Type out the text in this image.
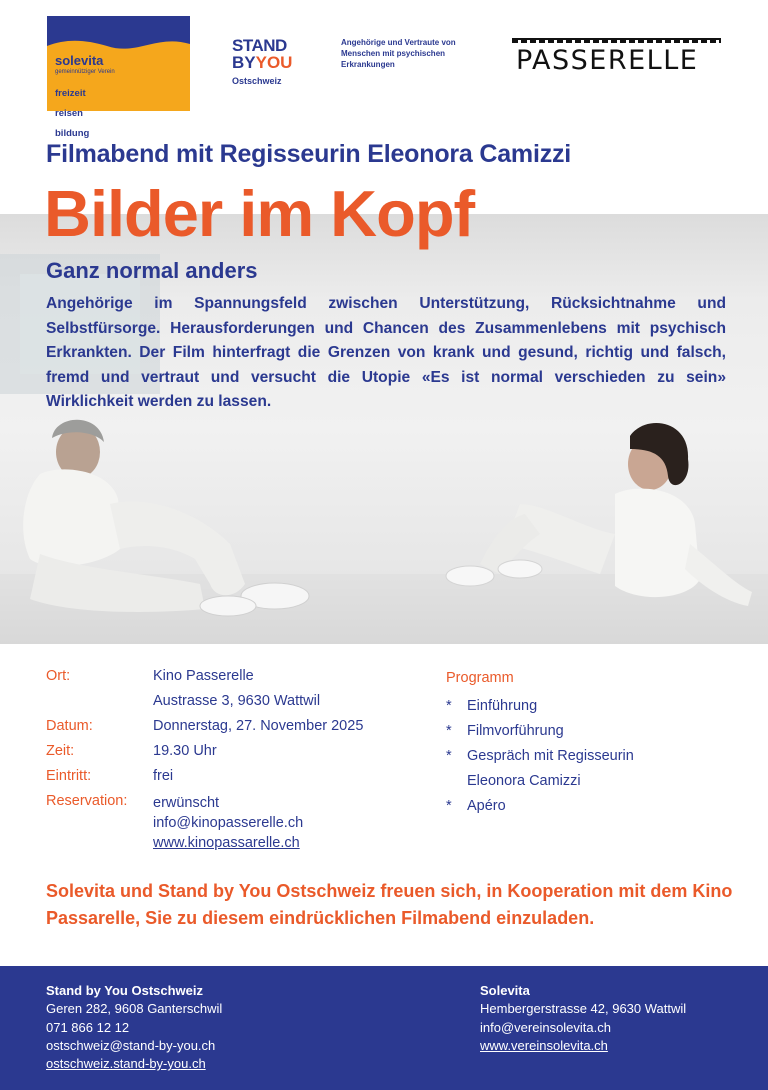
solevita
gemeinnütziger Verein

freizeit

reisen

bildung

STAND
BYYOU
Ostschweiz
Angehörige und Vertraute von Menschen mit psychischen Erkrankungen	PASSERELLE
Filmabend mit Regisseurin Eleonora Camizzi
Bilder im Kopf
Ganz normal anders
Angehörige im Spannungsfeld zwischen Unterstützung, Rücksichtnahme und Selbstfürsorge. Herausforderungen und Chancen des Zusammenlebens mit psychisch Erkrankten. Der Film hinterfragt die Grenzen von krank und gesund, richtig und falsch, fremd und vertraut und versucht die Utopie «Es ist normal verschieden zu sein» Wirklichkeit werden zu lassen.
Ort:	Kino Passerelle
Austrasse 3, 9630 Wattwil
Datum:	Donnerstag, 27. November 2025
Zeit:	19.30 Uhr
Eintritt:	frei
Reservation:	erwünscht
info@kinopasserelle.ch
www.kinopassarelle.ch
Programm
*	Einführung
*	Filmvorführung
*	Gespräch mit Regisseurin Eleonora Camizzi
*	Apéro
Solevita und Stand by You Ostschweiz freuen sich, in Kooperation mit dem Kino Passarelle, Sie zu diesem eindrücklichen Filmabend einzuladen.
Stand by You Ostschweiz
Geren 282, 9608 Ganterschwil
071 866 12 12
ostschweiz@stand-by-you.ch
ostschweiz.stand-by-you.ch
Solevita
Hembergerstrasse 42, 9630 Wattwil
info@vereinsolevita.ch
www.vereinsolevita.ch
